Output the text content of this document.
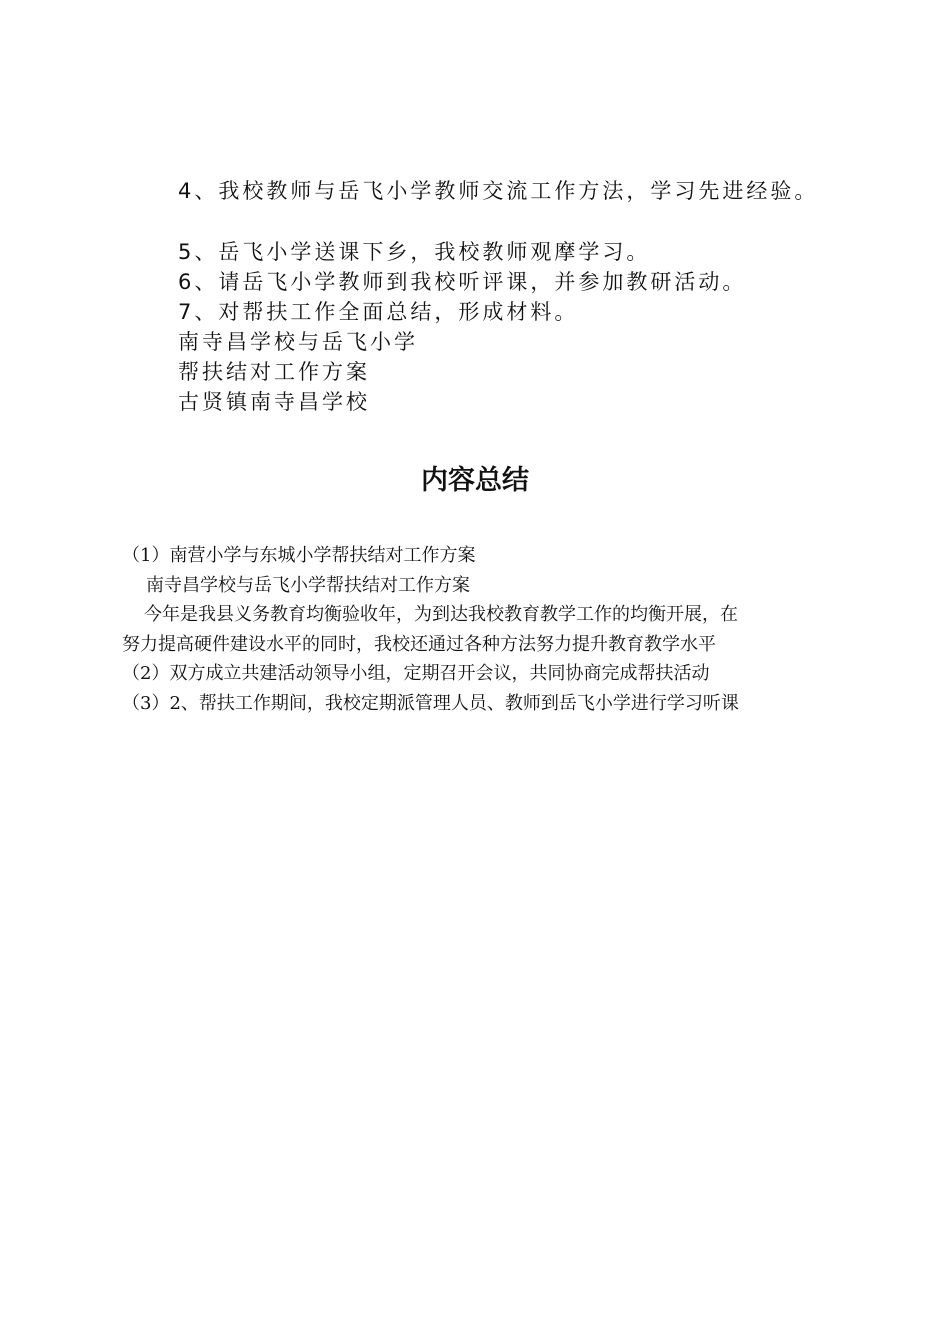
4、我校教师与岳飞小学教师交流工作方法，学习先进经验。

5、岳飞小学送课下乡，我校教师观摩学习。

6、请岳飞小学教师到我校听评课，并参加教研活动。

7、对帮扶工作全面总结，形成材料。

南寺昌学校与岳飞小学

帮扶结对工作方案

古贤镇南寺昌学校

内容总结

（1）南营小学与东城小学帮扶结对工作方案

南寺昌学校与岳飞小学帮扶结对工作方案

今年是我县义务教育均衡验收年，为到达我校教育教学工作的均衡开展，在

努力提高硬件建设水平的同时，我校还通过各种方法努力提升教育教学水平

（2）双方成立共建活动领导小组，定期召开会议，共同协商完成帮扶活动

（3）2、帮扶工作期间，我校定期派管理人员、教师到岳飞小学进行学习听课
